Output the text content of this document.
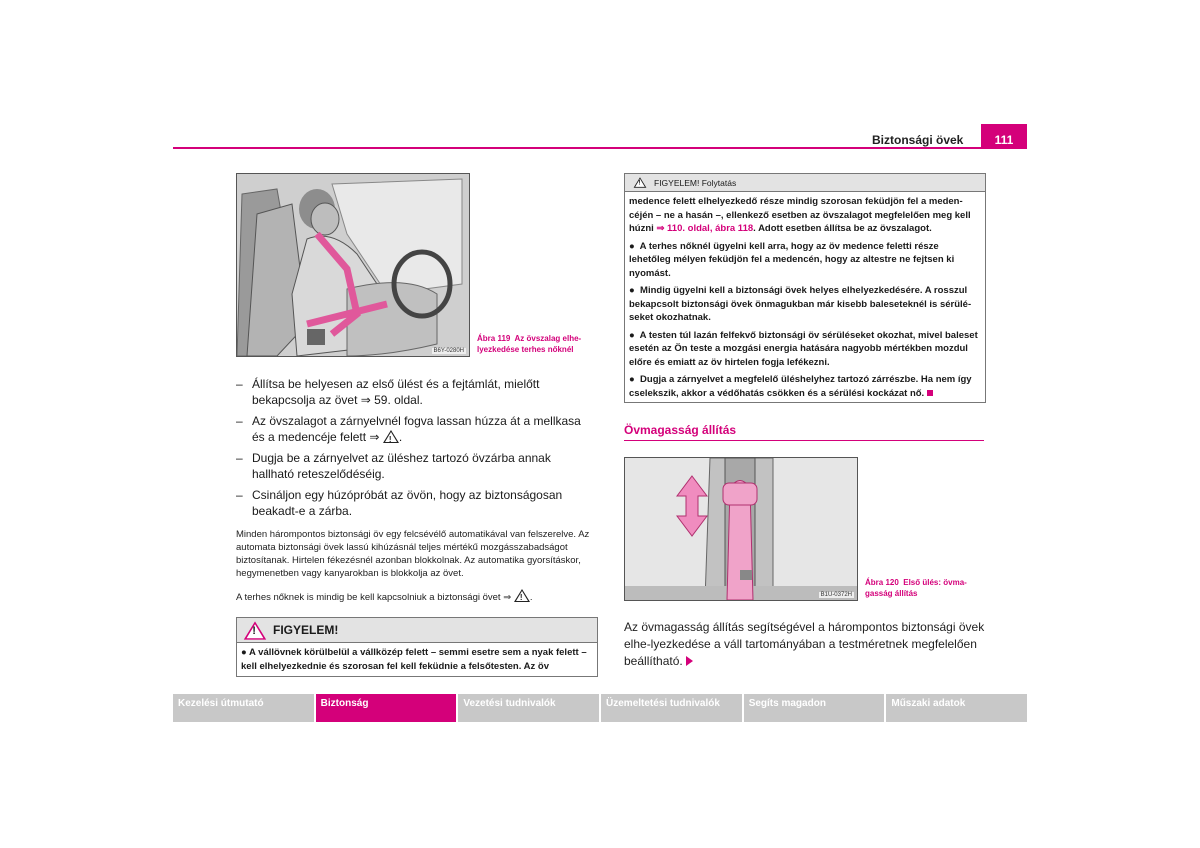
Biztonsági övek	111
B6Y-0280H
Ábra 119 Az övszalag elhe-lyezkedése terhes nőknél
– Állítsa be helyesen az első ülést és a fejtámlát, mielőtt bekapcsolja az övet ⇒ 59. oldal.
– Az övszalagot a zárnyelvnél fogva lassan húzza át a mellkasa és a medencéje felett ⇒ ! .
– Dugja be a zárnyelvet az üléshez tartozó övzárba annak hallható reteszelődéséig.
– Csináljon egy húzópróbát az övön, hogy az biztonságosan beakadt-e a zárba.
Minden hárompontos biztonsági öv egy felcsévélő automatikával van felszerelve. Az automata biztonsági övek lassú kihúzásnál teljes mértékű mozgásszabadságot biztosítanak. Hirtelen fékezésnél azonban blokkolnak. Az automatika gyorsításkor, hegymenetben vagy kanyarokban is blokkolja az övet.
A terhes nőknek is mindig be kell kapcsolniuk a biztonsági övet ⇒ ! .
!
FIGYELEM!
● A vállövnek körülbelül a vállközép felett – semmi esetre sem a nyak felett – kell elhelyezkednie és szorosan fel kell feküdnie a felsőtesten. Az öv
!
FIGYELEM! Folytatás

medence felett elhelyezkedő része mindig szorosan feküdjön fel a meden-céjén – ne a hasán –, ellenkező esetben az övszalagot megfelelően meg kell húzni ⇒ 110. oldal, ábra 118. Adott esetben állítsa be az övszalagot.

●  A terhes nőknél ügyelni kell arra, hogy az öv medence feletti része lehetőleg mélyen feküdjön fel a medencén, hogy az altestre ne fejtsen ki nyomást.

●  Mindig ügyelni kell a biztonsági övek helyes elhelyezkedésére. A rosszul bekapcsolt biztonsági övek önmagukban már kisebb baleseteknél is sérülé-seket okozhatnak.

●  A testen túl lazán felfekvő biztonsági öv sérüléseket okozhat, mivel baleset esetén az Ön teste a mozgási energia hatására nagyobb mértékben mozdul előre és emiatt az öv hirtelen fogja lefékezni.

●  Dugja a zárnyelvet a megfelelő üléshelyhez tartozó zárrészbe. Ha nem így cselekszik, akkor a védőhatás csökken és a sérülési kockázat nő.

Övmagasság állítás
B1U-0372H
Ábra 120 Első ülés: övma-gasság állítás
Az övmagasság állítás segítségével a hárompontos biztonsági övek elhe-lyezkedése a váll tartományában a testméretnek megfelelően beállítható.
Kezelési útmutató	Biztonság	Vezetési tudnivalók	Üzemeltetési tudnivalók	Segíts magadon	Műszaki adatok
